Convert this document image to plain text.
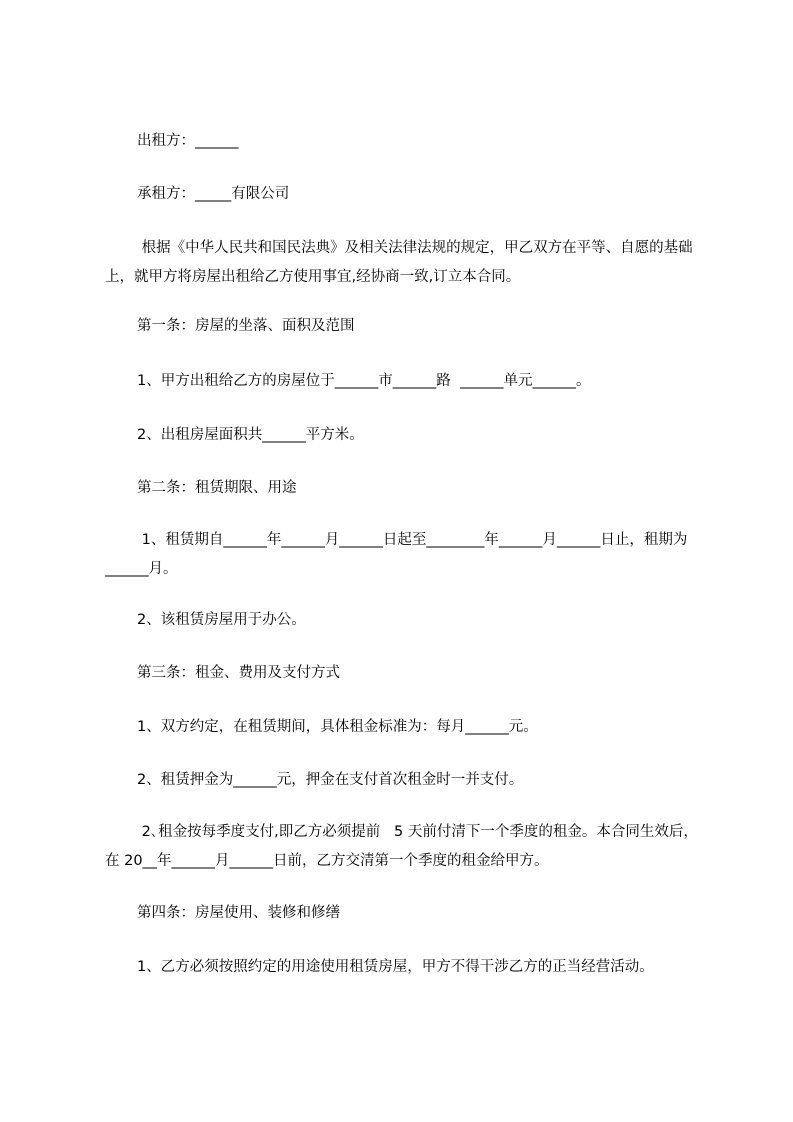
出租方：______

承租方：_____有限公司

根据《中华人民共和国民法典》及相关法律法规的规定，甲乙双方在平等、自愿的基础上，就甲方将房屋出租给乙方使用事宜,经协商一致,订立本合同。

第一条：房屋的坐落、面积及范围

1、甲方出租给乙方的房屋位于______市______路  ______单元______。

2、出租房屋面积共______平方米。

第二条：租赁期限、用途

1、租赁期自______年______月______日起至________年______月______日止，租期为______月。

2、该租赁房屋用于办公。

第三条：租金、费用及支付方式

1、双方约定，在租赁期间，具体租金标准为：每月______元。

2、租赁押金为______元，押金在支付首次租金时一并支付。

2､租金按每季度支付,即乙方必须提前   5 天前付清下一个季度的租金。本合同生效后，在 20__年______月______日前，乙方交清第一个季度的租金给甲方。

第四条：房屋使用、装修和修缮

1、乙方必须按照约定的用途使用租赁房屋，甲方不得干涉乙方的正当经营活动。
